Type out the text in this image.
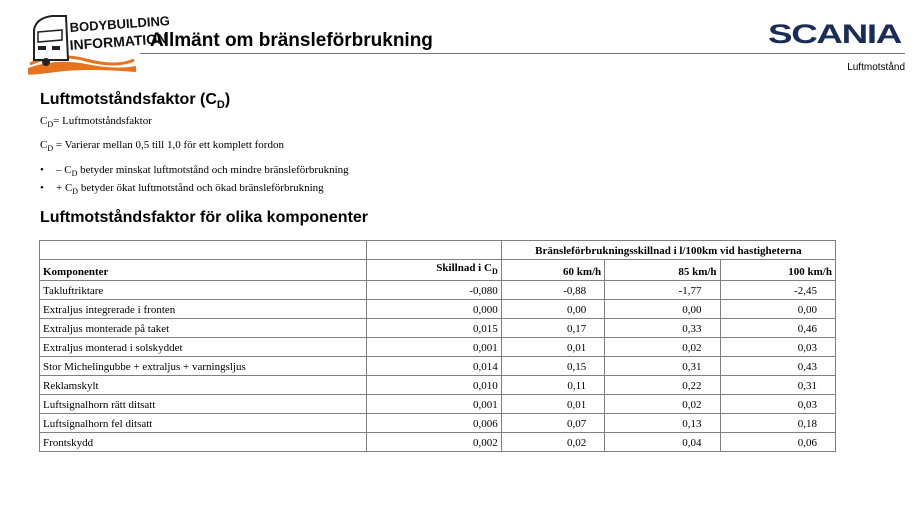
BODYBUILDING
INFORMATION
Allmänt om bränsleförbrukning	SCANIA
Luftmotstånd
Luftmotståndsfaktor $(C_D)$
$C_D=$ Luftmotståndsfaktor
$C_D$ = Varierar mellan 0,5 till 1,0 för ett komplett fordon
• – $C_D$ betyder minskat luftmotstånd och mindre bränsleförbrukning
• + $C_D$ betyder ökat luftmotstånd och ökad bränsleförbrukning
Luftmotståndsfaktor för olika komponenter
		Bränsleförbrukningsskillnad i l/100km vid hastigheterna		
Komponenter	Skillnad i $C_D$	60 km/h	85 km/h	100 km/h
Takluftriktare	-0,080	-0,88	-1,77	-2,45
Extraljus integrerade i fronten	0,000	0,00	0,00	0,00
Extraljus monterade på taket	0,015	0,17	0,33	0,46
Extraljus monterad i solskyddet	0,001	0,01	0,02	0,03
Stor Michelingubbe + extraljus + varningsljus	0,014	0,15	0,31	0,43
Reklamskylt	0,010	0,11	0,22	0,31
Luftsignalhorn rätt ditsatt	0,001	0,01	0,02	0,03
Luftsignalhorn fel ditsatt	0,006	0,07	0,13	0,18
Frontskydd	0,002	0,02	0,04	0,06
